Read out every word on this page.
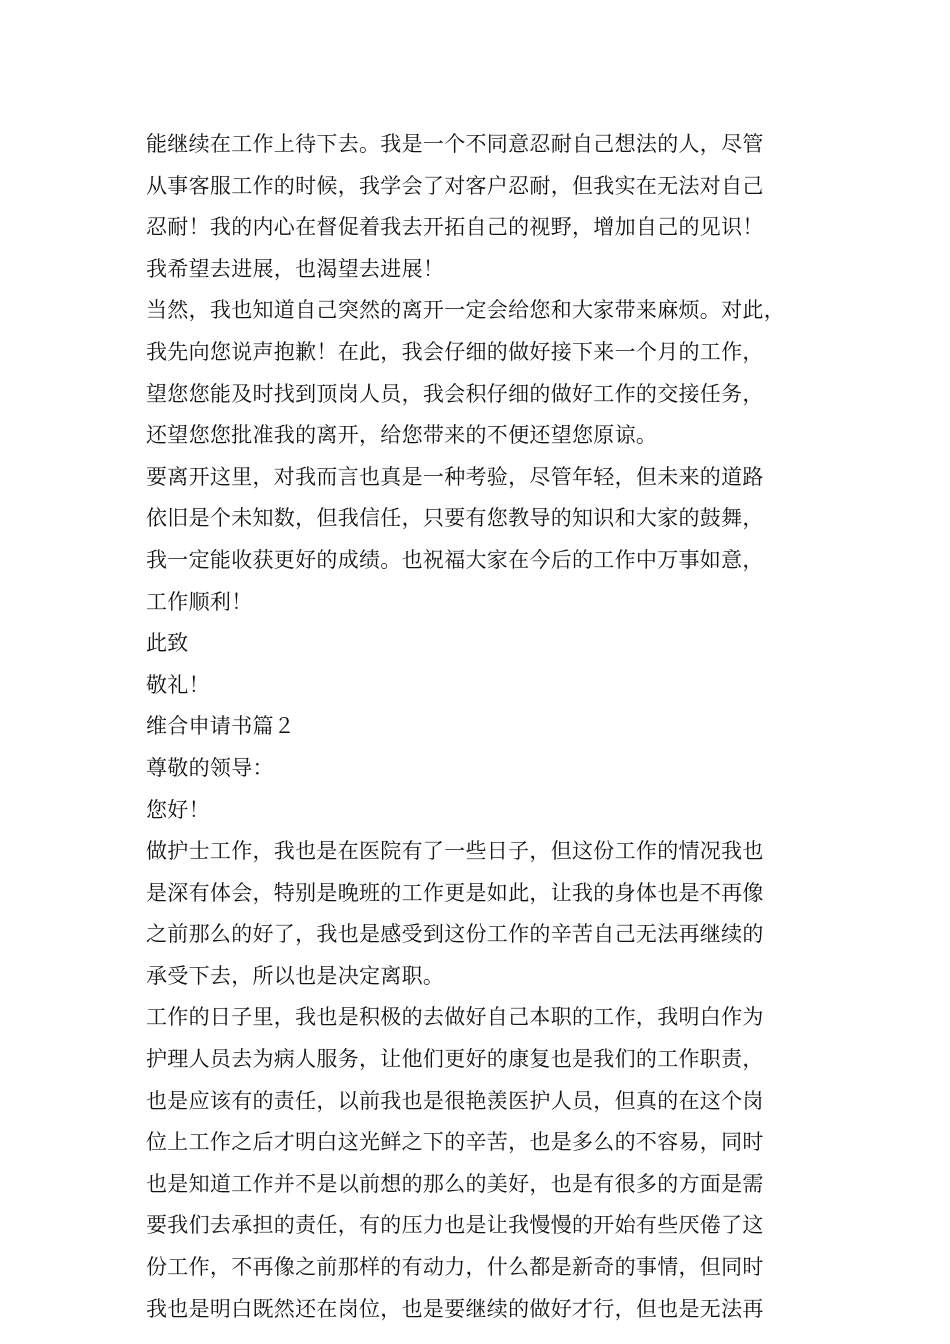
能继续在工作上待下去。我是一个不同意忍耐自己想法的人，尽管
从事客服工作的时候，我学会了对客户忍耐，但我实在无法对自己
忍耐！我的内心在督促着我去开拓自己的视野，增加自己的见识！
我希望去进展，也渴望去进展！
当然，我也知道自己突然的离开一定会给您和大家带来麻烦。对此，
我先向您说声抱歉！在此，我会仔细的做好接下来一个月的工作，
望您您能及时找到顶岗人员，我会积仔细的做好工作的交接任务，
还望您您批准我的离开，给您带来的不便还望您原谅。
要离开这里，对我而言也真是一种考验，尽管年轻，但未来的道路
依旧是个未知数，但我信任，只要有您教导的知识和大家的鼓舞，
我一定能收获更好的成绩。也祝福大家在今后的工作中万事如意，
工作顺利！
此致
敬礼！
维合申请书篇２
尊敬的领导：
您好！
做护士工作，我也是在医院有了一些日子，但这份工作的情况我也
是深有体会，特别是晚班的工作更是如此，让我的身体也是不再像
之前那么的好了，我也是感受到这份工作的辛苦自己无法再继续的
承受下去，所以也是决定离职。
工作的日子里，我也是积极的去做好自己本职的工作，我明白作为
护理人员去为病人服务，让他们更好的康复也是我们的工作职责，
也是应该有的责任，以前我也是很艳羡医护人员，但真的在这个岗
位上工作之后才明白这光鲜之下的辛苦，也是多么的不容易，同时
也是知道工作并不是以前想的那么的美好，也是有很多的方面是需
要我们去承担的责任，有的压力也是让我慢慢的开始有些厌倦了这
份工作，不再像之前那样的有动力，什么都是新奇的事情，但同时
我也是明白既然还在岗位，也是要继续的做好才行，但也是无法再
